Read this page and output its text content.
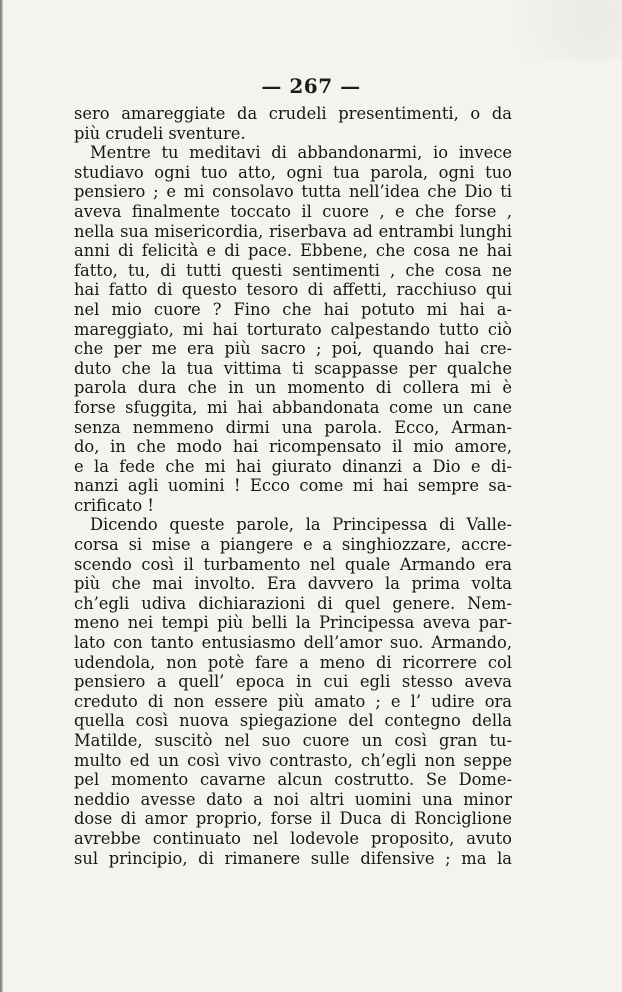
— 267 —
sero amareggiate da crudeli presentimenti, o da
più crudeli sventure.
Mentre tu meditavi di abbandonarmi, io invece
studiavo ogni tuo atto, ogni tua parola, ogni tuo
pensiero ; e mi consolavo tutta nell’idea che Dio ti
aveva finalmente toccato il cuore , e che forse ,
nella sua misericordia, riserbava ad entrambi lunghi
anni di felicità e di pace. Ebbene, che cosa ne hai
fatto, tu, di tutti questi sentimenti , che cosa ne
hai fatto di questo tesoro di affetti, racchiuso qui
nel mio cuore ? Fino che hai potuto mi hai a-
mareggiato, mi hai torturato calpestando tutto ciò
che per me era più sacro ; poi, quando hai cre-
duto che la tua vittima ti scappasse per qualche
parola dura che in un momento di collera mi è
forse sfuggita, mi hai abbandonata come un cane
senza nemmeno dirmi una parola. Ecco, Arman-
do, in che modo hai ricompensato il mio amore,
e la fede che mi hai giurato dinanzi a Dio e di-
nanzi agli uomini ! Ecco come mi hai sempre sa-
crificato !
Dicendo queste parole, la Principessa di Valle-
corsa si mise a piangere e a singhiozzare, accre-
scendo così il turbamento nel quale Armando era
più che mai involto. Era davvero la prima volta
ch’egli udiva dichiarazioni di quel genere. Nem-
meno nei tempi più belli la Principessa aveva par-
lato con tanto entusiasmo dell’amor suo. Armando,
udendola, non potè fare a meno di ricorrere col
pensiero a quell’ epoca in cui egli stesso aveva
creduto di non essere più amato ; e l’ udire ora
quella così nuova spiegazione del contegno della
Matilde, suscitò nel suo cuore un così gran tu-
multo ed un così vivo contrasto, ch’egli non seppe
pel momento cavarne alcun costrutto. Se Dome-
neddio avesse dato a noi altri uomini una minor
dose di amor proprio, forse il Duca di Ronciglione
avrebbe continuato nel lodevole proposito, avuto
sul principio, di rimanere sulle difensive ; ma la
